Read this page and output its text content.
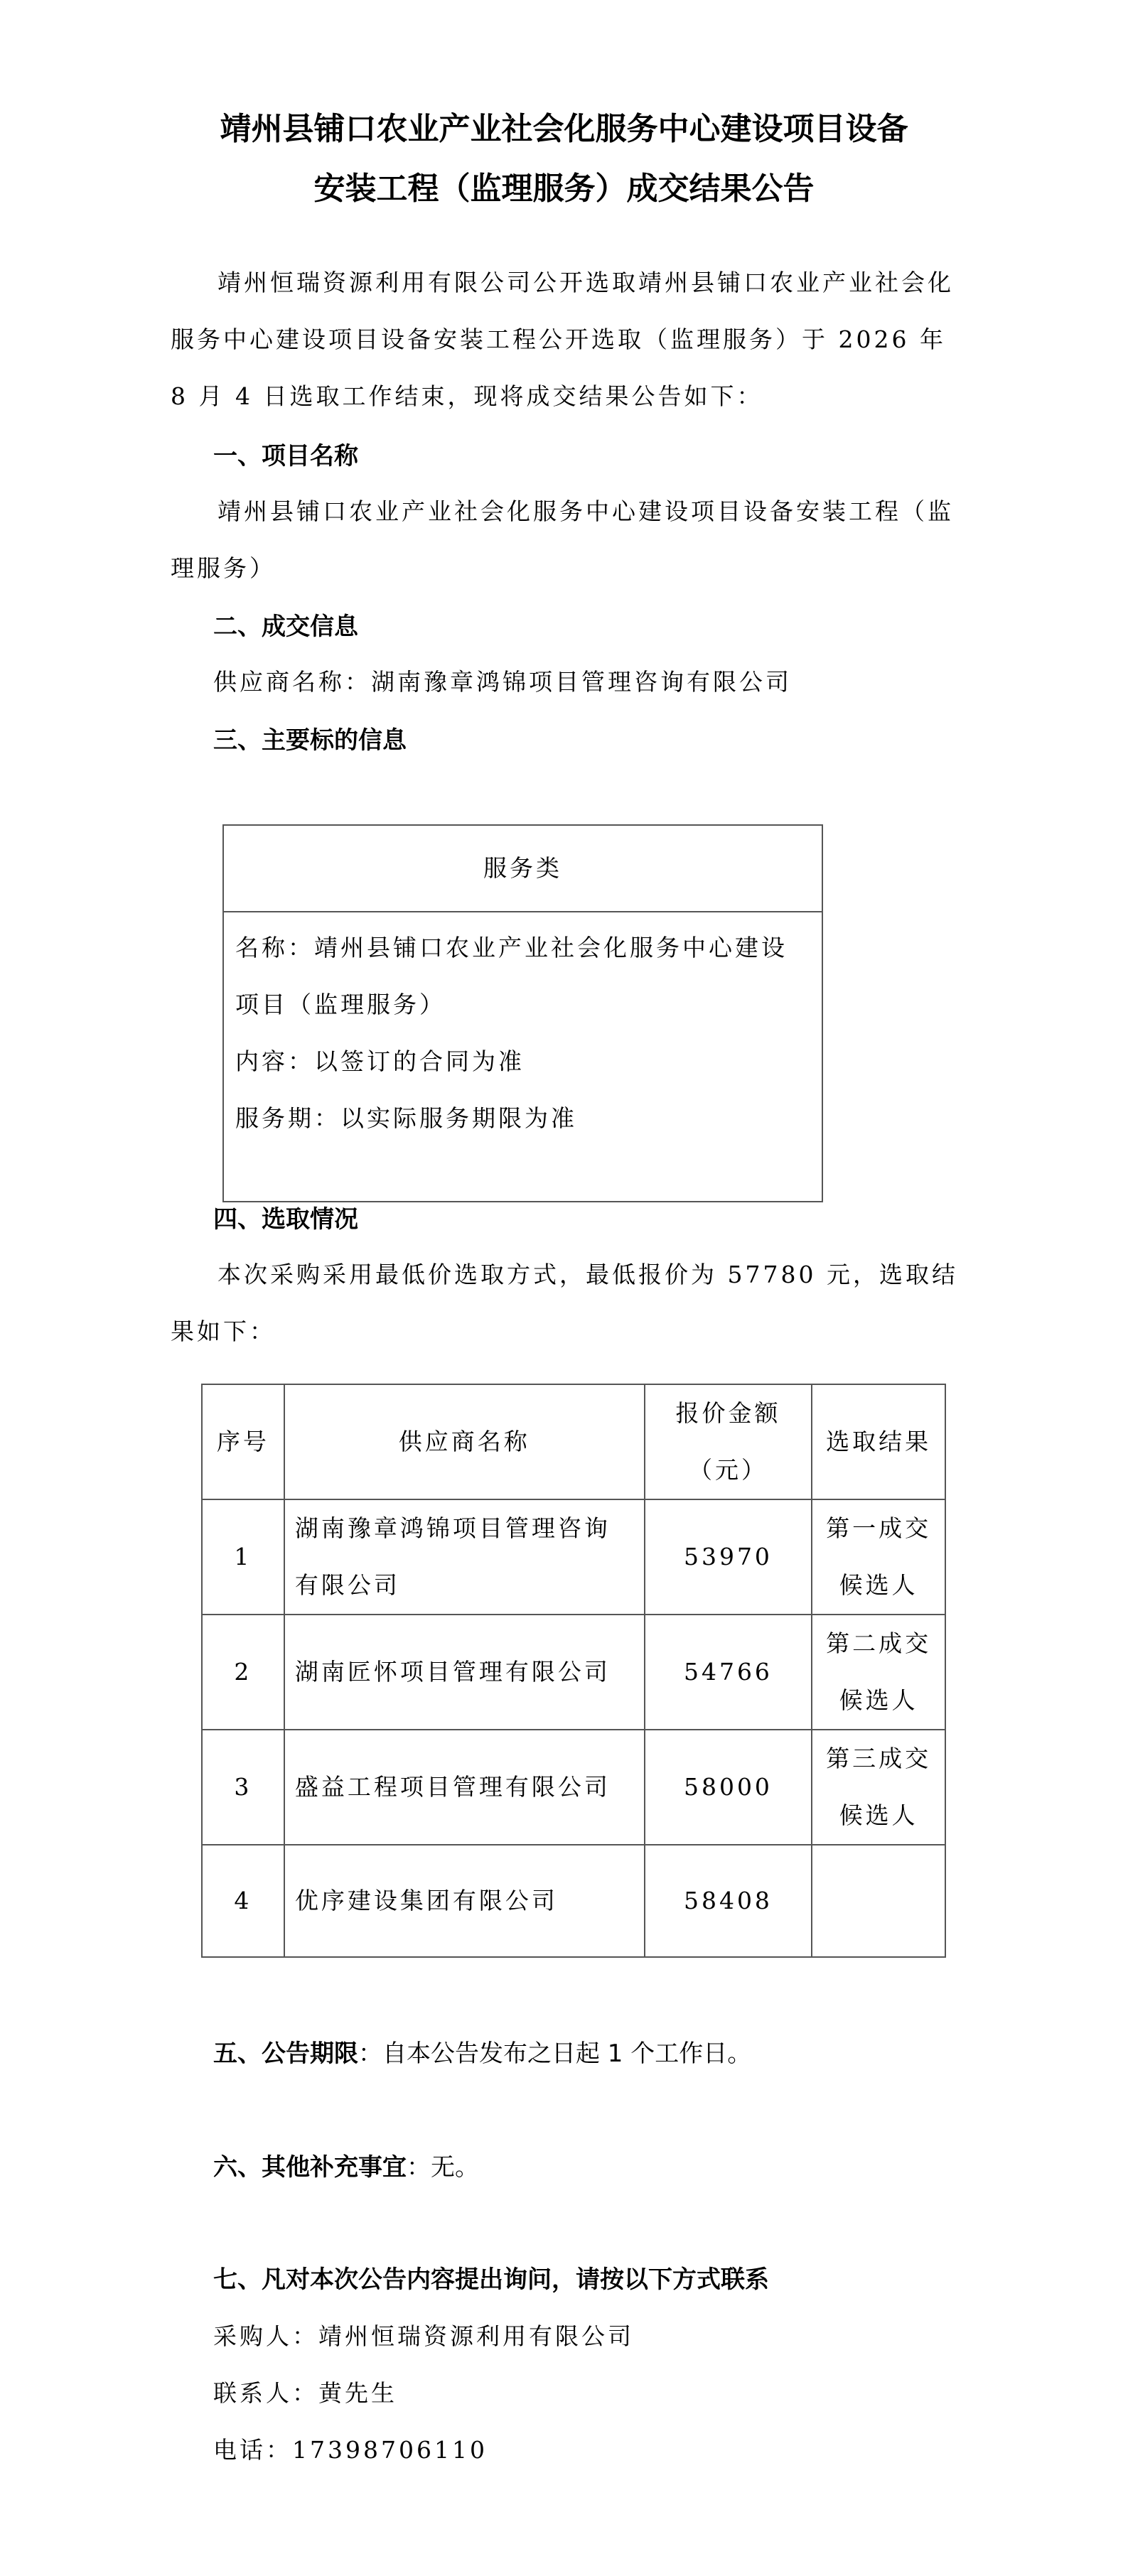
靖州县铺口农业产业社会化服务中心建设项目设备
安装工程（监理服务）成交结果公告
靖州恒瑞资源利用有限公司公开选取靖州县铺口农业产业社会化服务中心建设项目设备安装工程公开选取（监理服务）于 2026 年 8 月 4 日选取工作结束，现将成交结果公告如下：
一、项目名称
靖州县铺口农业产业社会化服务中心建设项目设备安装工程（监理服务）
二、成交信息
供应商名称：湖南豫章鸿锦项目管理咨询有限公司
三、主要标的信息
服务类
名称：靖州县铺口农业产业社会化服务中心建设项目（监理服务）
内容：以签订的合同为准
服务期：以实际服务期限为准
四、选取情况
本次采购采用最低价选取方式，最低报价为 57780 元，选取结果如下：
序号	供应商名称	报价金额（元）	选取结果
1	湖南豫章鸿锦项目管理咨询有限公司	53970	第一成交候选人
2	湖南匠怀项目管理有限公司	54766	第二成交候选人
3	盛益工程项目管理有限公司	58000	第三成交候选人
4	优序建设集团有限公司	58408	
五、公告期限：自本公告发布之日起 1 个工作日。
六、其他补充事宜：无。
七、凡对本次公告内容提出询问，请按以下方式联系
采购人：靖州恒瑞资源利用有限公司
联系人：黄先生
电话：17398706110
